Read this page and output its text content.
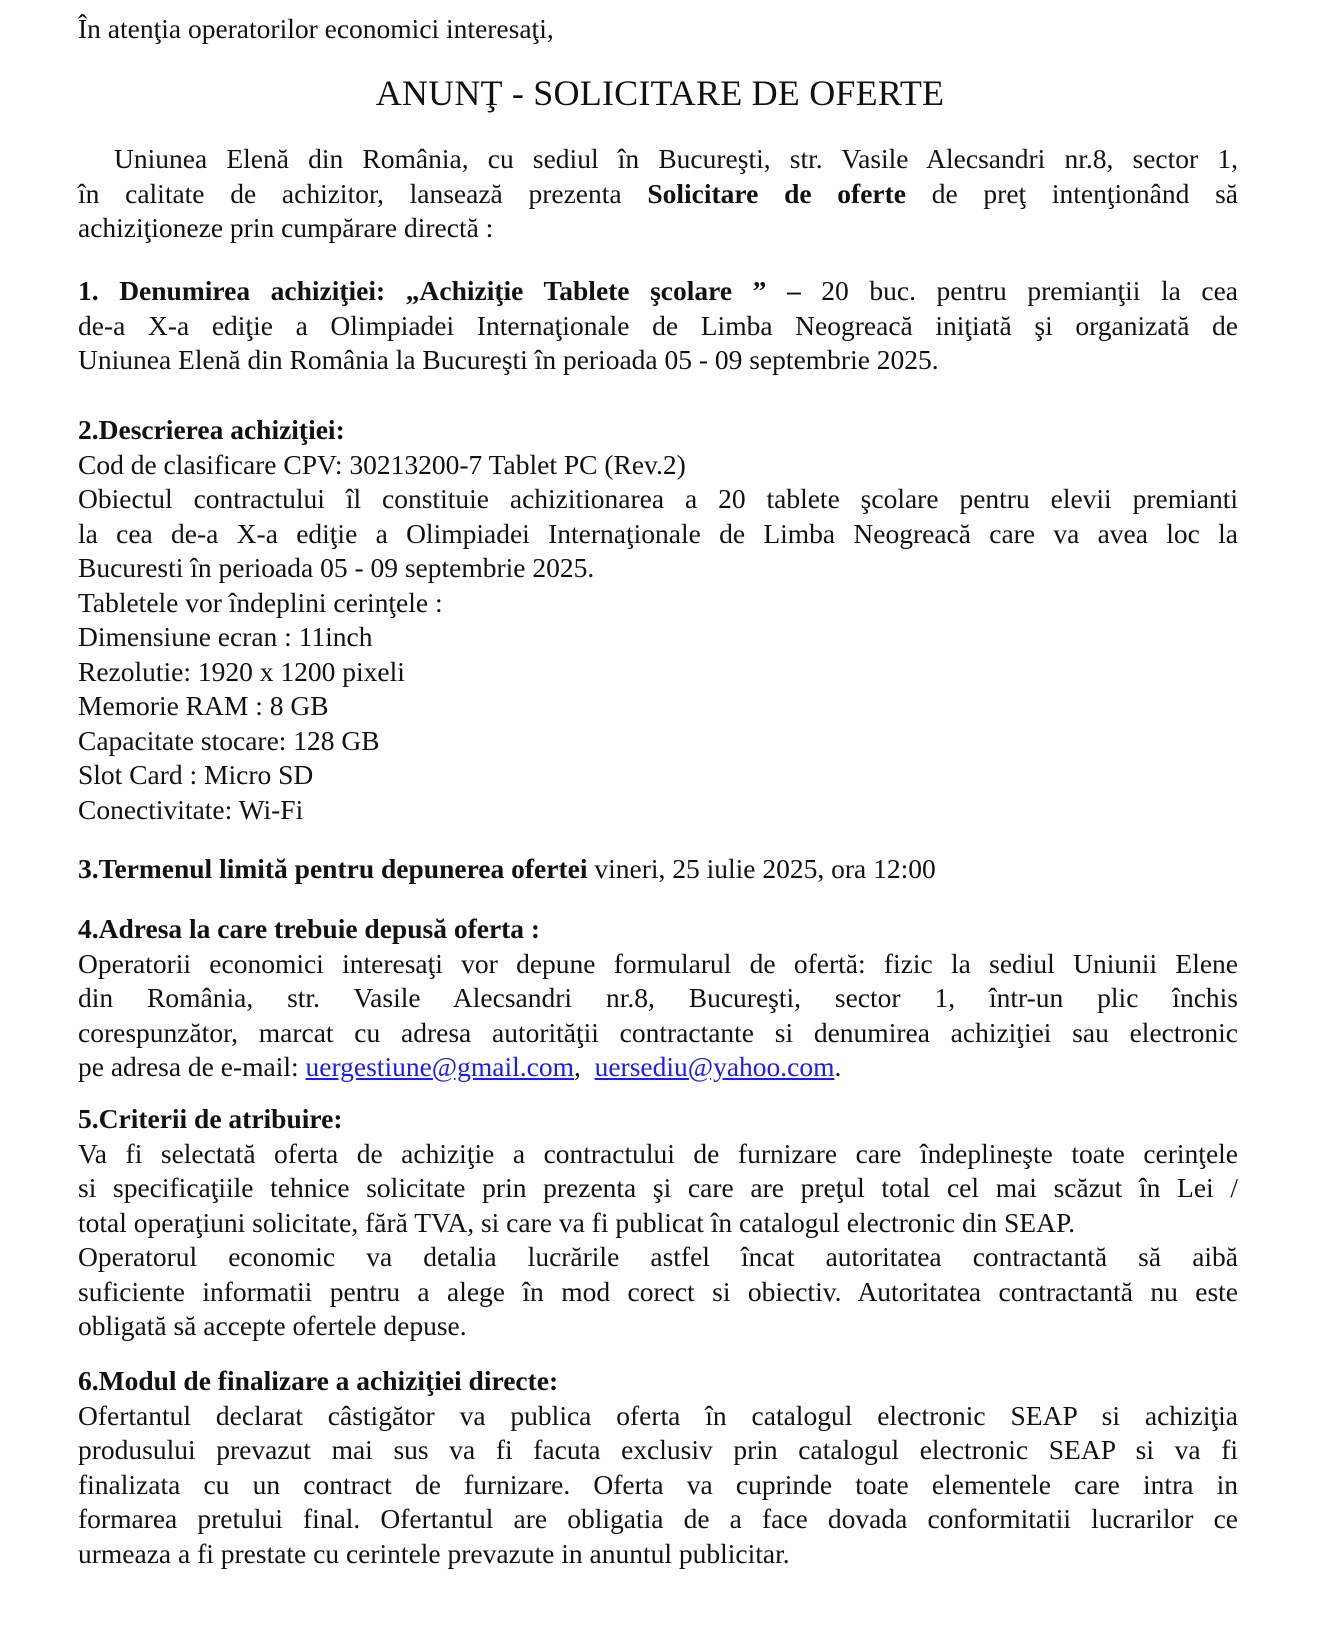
În atenţia operatorilor economici interesaţi,
ANUNŢ - SOLICITARE DE OFERTE
Uniunea Elenă din România, cu sediul în Bucureşti, str. Vasile Alecsandri nr.8, sector 1,
în calitate de achizitor, lansează prezenta Solicitare de oferte de preţ intenţionând să
achiziţioneze prin cumpărare directă :
1. Denumirea achiziţiei: „Achiziţie Tablete şcolare ” – 20 buc. pentru premianţii la cea
de-a X-a ediţie a Olimpiadei Internaţionale de Limba Neogreacă iniţiată şi organizată de
Uniunea Elenă din România la Bucureşti în perioada 05 - 09 septembrie 2025.
2.Descrierea achiziţiei:
Cod de clasificare CPV: 30213200-7 Tablet PC (Rev.2)
Obiectul contractului îl constituie achizitionarea a 20 tablete şcolare pentru elevii premianti
la cea de-a X-a ediţie a Olimpiadei Internaţionale de Limba Neogreacă care va avea loc la
Bucuresti în perioada 05 - 09 septembrie 2025.
Tabletele vor îndeplini cerinţele :
Dimensiune ecran : 11inch
Rezolutie: 1920 x 1200 pixeli
Memorie RAM : 8 GB
Capacitate stocare: 128 GB
Slot Card : Micro SD
Conectivitate: Wi-Fi
3.Termenul limită pentru depunerea ofertei vineri, 25 iulie 2025, ora 12:00
4.Adresa la care trebuie depusă oferta :
Operatorii economici interesaţi vor depune formularul de ofertă: fizic la sediul Uniunii Elene
din România, str. Vasile Alecsandri nr.8, Bucureşti, sector 1, într-un plic închis
corespunzător, marcat cu adresa autorităţii contractante si denumirea achiziţiei sau electronic
pe adresa de e-mail: uergestiune@gmail.com, uersediu@yahoo.com.
5.Criterii de atribuire:
Va fi selectată oferta de achiziţie a contractului de furnizare care îndeplineşte toate cerinţele
si specificaţiile tehnice solicitate prin prezenta şi care are preţul total cel mai scăzut în Lei /
total operaţiuni solicitate, fără TVA, si care va fi publicat în catalogul electronic din SEAP.
Operatorul economic va detalia lucrările astfel încat autoritatea contractantă să aibă
suficiente informatii pentru a alege în mod corect si obiectiv. Autoritatea contractantă nu este
obligată să accepte ofertele depuse.
6.Modul de finalizare a achiziţiei directe:
Ofertantul declarat câstigător va publica oferta în catalogul electronic SEAP si achiziţia
produsului prevazut mai sus va fi facuta exclusiv prin catalogul electronic SEAP si va fi
finalizata cu un contract de furnizare. Oferta va cuprinde toate elementele care intra in
formarea pretului final. Ofertantul are obligatia de a face dovada conformitatii lucrarilor ce
urmeaza a fi prestate cu cerintele prevazute in anuntul publicitar.
